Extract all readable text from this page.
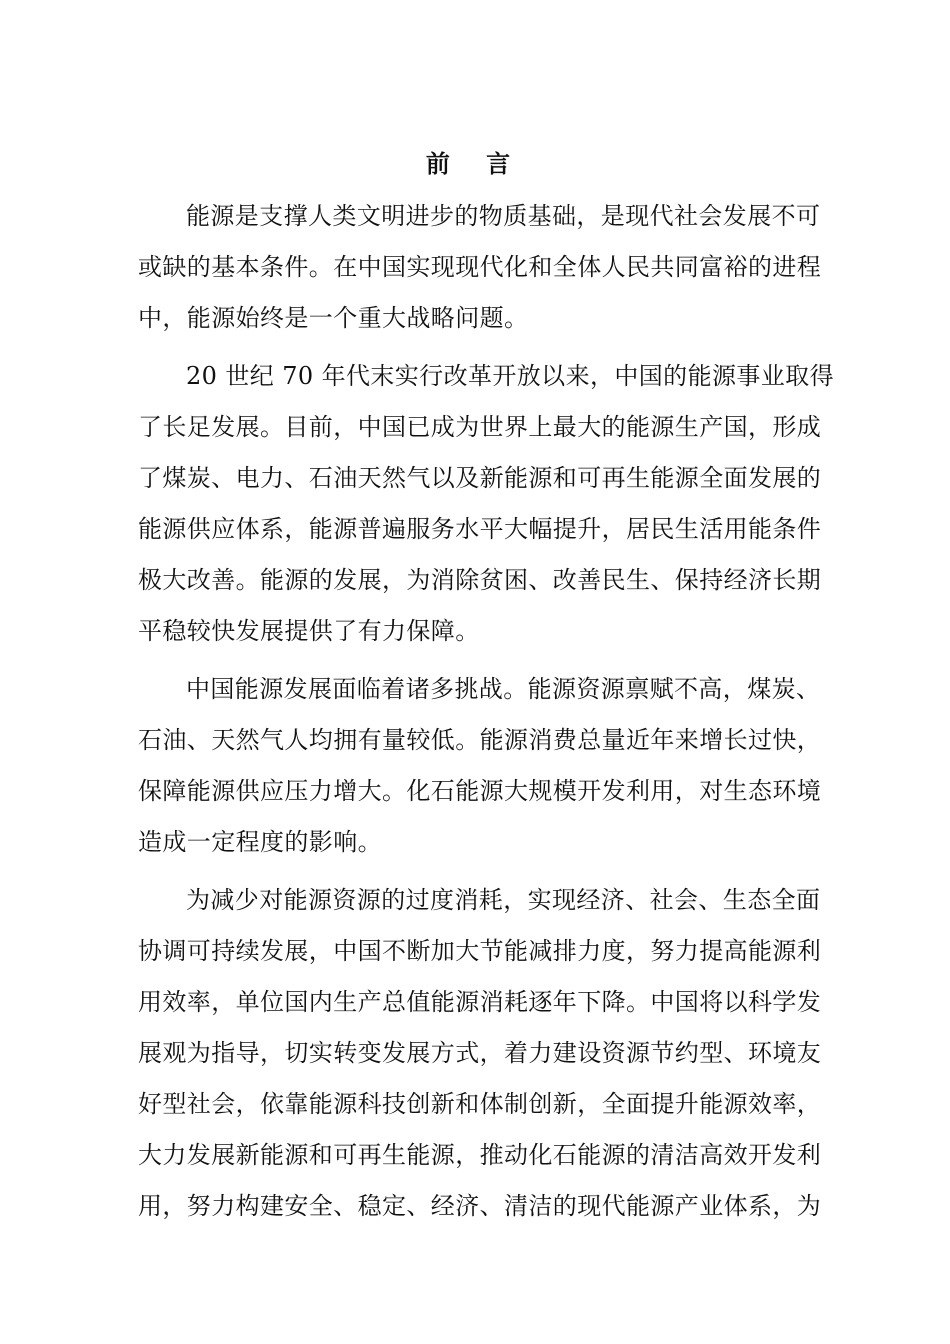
前 言
能源是支撑人类文明进步的物质基础，是现代社会发展不可
或缺的基本条件。在中国实现现代化和全体人民共同富裕的进程
中，能源始终是一个重大战略问题。
20 世纪 70 年代末实行改革开放以来，中国的能源事业取得
了长足发展。目前，中国已成为世界上最大的能源生产国，形成
了煤炭、电力、石油天然气以及新能源和可再生能源全面发展的
能源供应体系，能源普遍服务水平大幅提升，居民生活用能条件
极大改善。能源的发展，为消除贫困、改善民生、保持经济长期
平稳较快发展提供了有力保障。
中国能源发展面临着诸多挑战。能源资源禀赋不高，煤炭、
石油、天然气人均拥有量较低。能源消费总量近年来增长过快，
保障能源供应压力增大。化石能源大规模开发利用，对生态环境
造成一定程度的影响。
为减少对能源资源的过度消耗，实现经济、社会、生态全面
协调可持续发展，中国不断加大节能减排力度，努力提高能源利
用效率，单位国内生产总值能源消耗逐年下降。中国将以科学发
展观为指导，切实转变发展方式，着力建设资源节约型、环境友
好型社会，依靠能源科技创新和体制创新，全面提升能源效率，
大力发展新能源和可再生能源，推动化石能源的清洁高效开发利
用，努力构建安全、稳定、经济、清洁的现代能源产业体系，为
